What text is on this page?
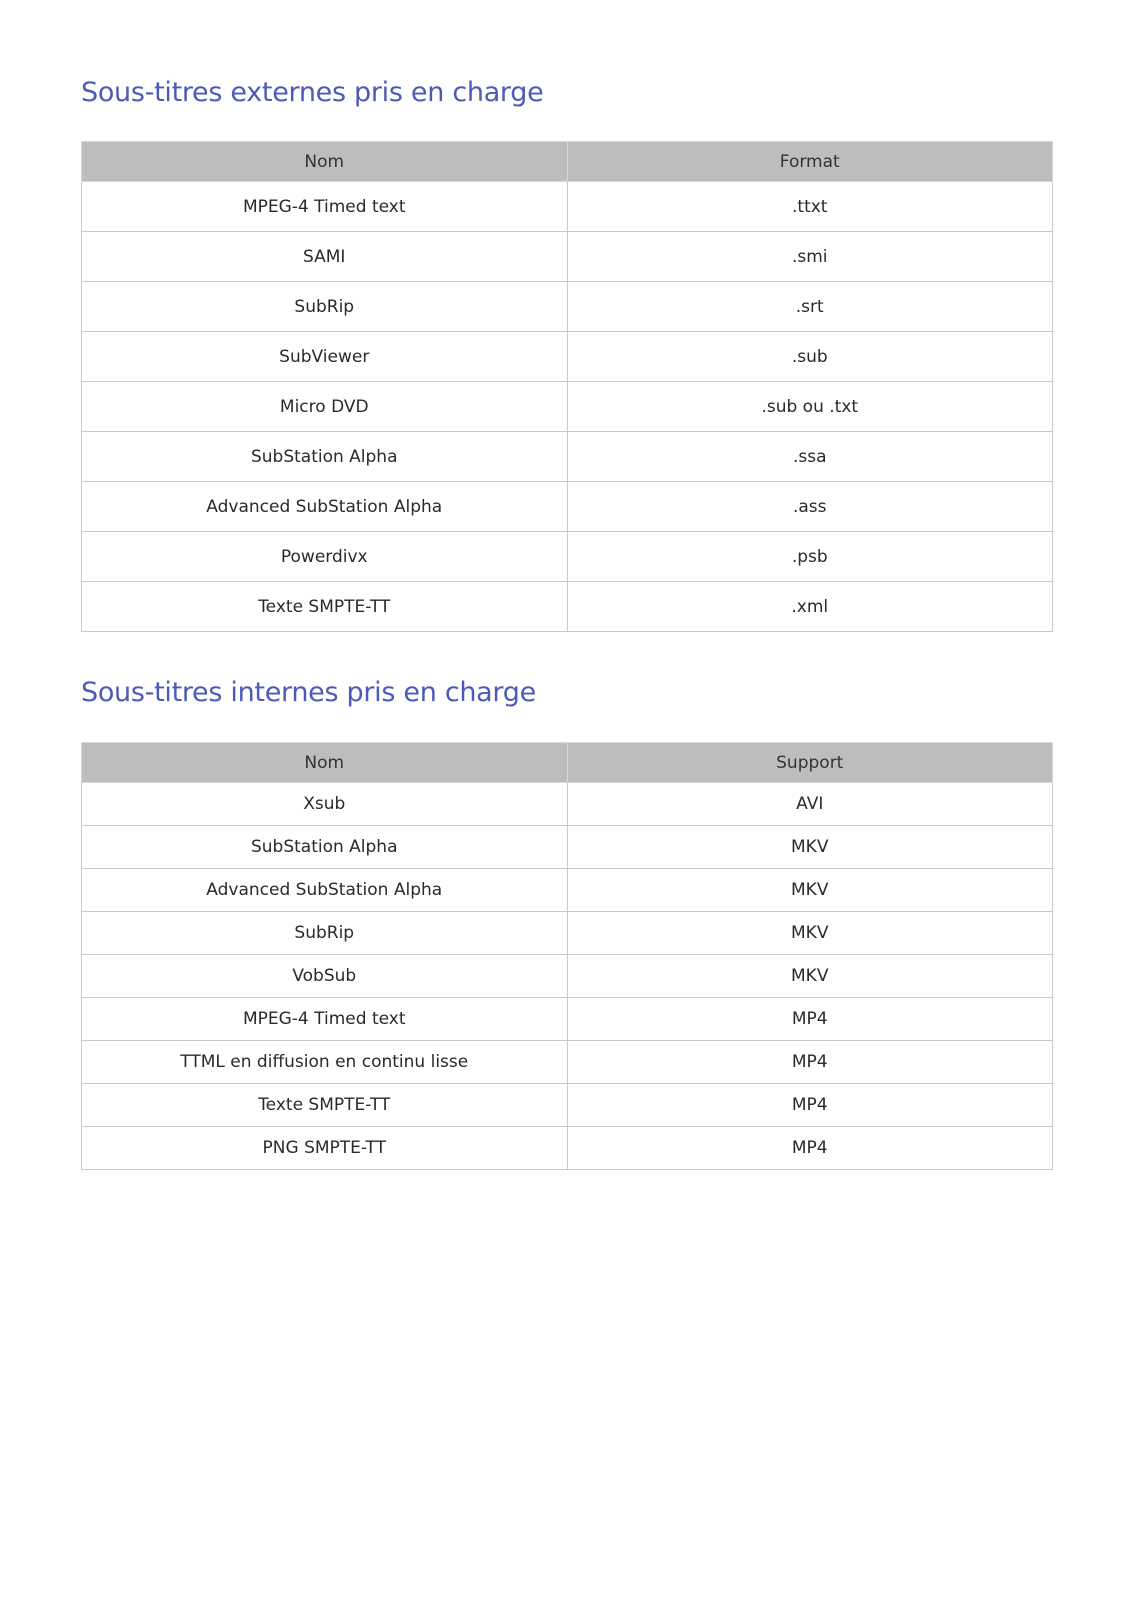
Sous-titres externes pris en charge
Nom	Format
MPEG-4 Timed text	.ttxt
SAMI	.smi
SubRip	.srt
SubViewer	.sub
Micro DVD	.sub ou .txt
SubStation Alpha	.ssa
Advanced SubStation Alpha	.ass
Powerdivx	.psb
Texte SMPTE-TT	.xml
Sous-titres internes pris en charge
Nom	Support
Xsub	AVI
SubStation Alpha	MKV
Advanced SubStation Alpha	MKV
SubRip	MKV
VobSub	MKV
MPEG-4 Timed text	MP4
TTML en diffusion en continu lisse	MP4
Texte SMPTE-TT	MP4
PNG SMPTE-TT	MP4
